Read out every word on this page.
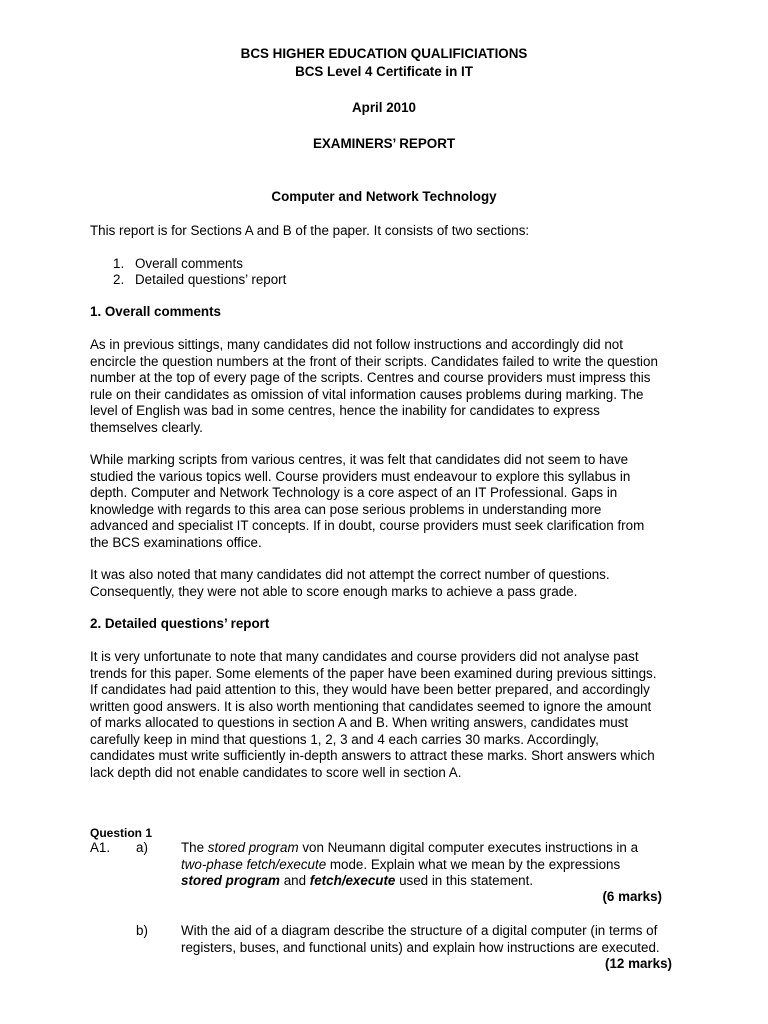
BCS HIGHER EDUCATION QUALIFICIATIONS
BCS Level 4 Certificate in IT
April 2010
EXAMINERS’ REPORT
Computer and Network Technology
This report is for Sections A and B of the paper. It consists of two sections:
1. Overall comments
2. Detailed questions’ report
1. Overall comments
As in previous sittings, many candidates did not follow instructions and accordingly did not
encircle the question numbers at the front of their scripts. Candidates failed to write the question
number at the top of every page of the scripts. Centres and course providers must impress this
rule on their candidates as omission of vital information causes problems during marking. The
level of English was bad in some centres, hence the inability for candidates to express
themselves clearly.
While marking scripts from various centres, it was felt that candidates did not seem to have
studied the various topics well. Course providers must endeavour to explore this syllabus in
depth. Computer and Network Technology is a core aspect of an IT Professional. Gaps in
knowledge with regards to this area can pose serious problems in understanding more
advanced and specialist IT concepts. If in doubt, course providers must seek clarification from
the BCS examinations office.
It was also noted that many candidates did not attempt the correct number of questions.
Consequently, they were not able to score enough marks to achieve a pass grade.
2. Detailed questions’ report
It is very unfortunate to note that many candidates and course providers did not analyse past
trends for this paper. Some elements of the paper have been examined during previous sittings.
If candidates had paid attention to this, they would have been better prepared, and accordingly
written good answers. It is also worth mentioning that candidates seemed to ignore the amount
of marks allocated to questions in section A and B. When writing answers, candidates must
carefully keep in mind that questions 1, 2, 3 and 4 each carries 30 marks. Accordingly,
candidates must write sufficiently in-depth answers to attract these marks. Short answers which
lack depth did not enable candidates to score well in section A.
Question 1
A1. a) The stored program von Neumann digital computer executes instructions in a
two-phase fetch/execute mode. Explain what we mean by the expressions
stored program and fetch/execute used in this statement.
(6 marks)
b) With the aid of a diagram describe the structure of a digital computer (in terms of
registers, buses, and functional units) and explain how instructions are executed.
(12 marks)
